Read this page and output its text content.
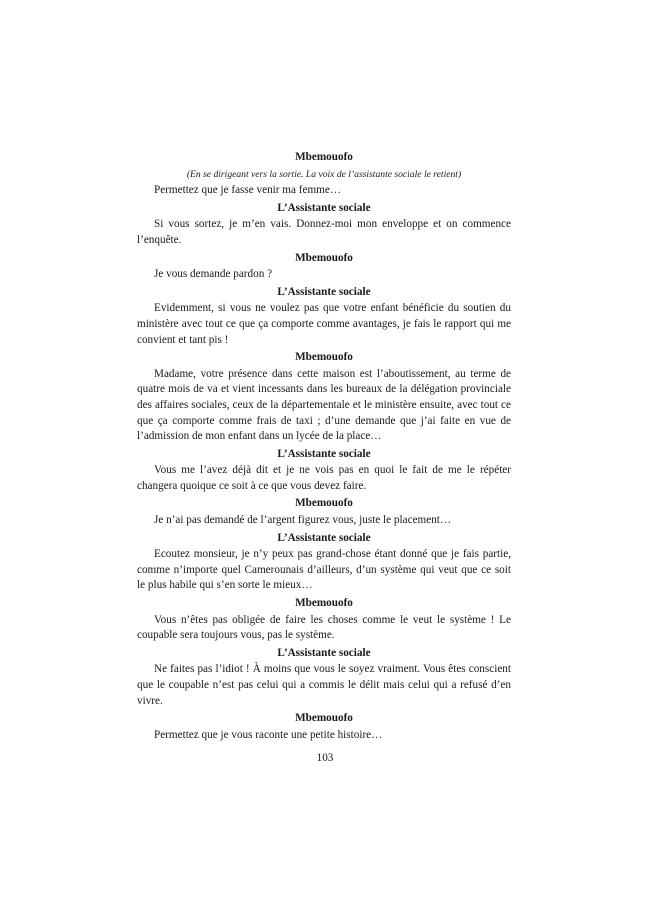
Mbemouofo

(En se dirigeant vers la sortie. La voix de l’assistante sociale le retient)

Permettez que je fasse venir ma femme…

L’Assistante sociale

Si vous sortez, je m’en vais. Donnez-moi mon enveloppe et on commence l’enquête.

Mbemouofo

Je vous demande pardon ?

L’Assistante sociale

Evidemment, si vous ne voulez pas que votre enfant bénéficie du soutien du ministère avec tout ce que ça comporte comme avantages, je fais le rapport qui me convient et tant pis !

Mbemouofo

Madame, votre présence dans cette maison est l’aboutissement, au terme de quatre mois de va et vient incessants dans les bureaux de la délégation provinciale des affaires sociales, ceux de la départementale et le ministère ensuite, avec tout ce que ça comporte comme frais de taxi ; d’une demande que j’ai faite en vue de l’admission de mon enfant dans un lycée de la place…

L’Assistante sociale

Vous me l’avez déjà dit et je ne vois pas en quoi le fait de me le répéter changera quoique ce soit à ce que vous devez faire.

Mbemouofo

Je n’ai pas demandé de l’argent figurez vous, juste le placement…

L’Assistante sociale

Ecoutez monsieur, je n’y peux pas grand-chose étant donné que je fais partie, comme n’importe quel Camerounais d’ailleurs, d’un système qui veut que ce soit le plus habile qui s’en sorte le mieux…

Mbemouofo

Vous n’êtes pas obligée de faire les choses comme le veut le système ! Le coupable sera toujours vous, pas le système.

L’Assistante sociale

Ne faites pas l’idiot ! À moins que vous le soyez vraiment. Vous êtes conscient que le coupable n’est pas celui qui a commis le délit mais celui qui a refusé d’en vivre.

Mbemouofo

Permettez que je vous raconte une petite histoire…

103
